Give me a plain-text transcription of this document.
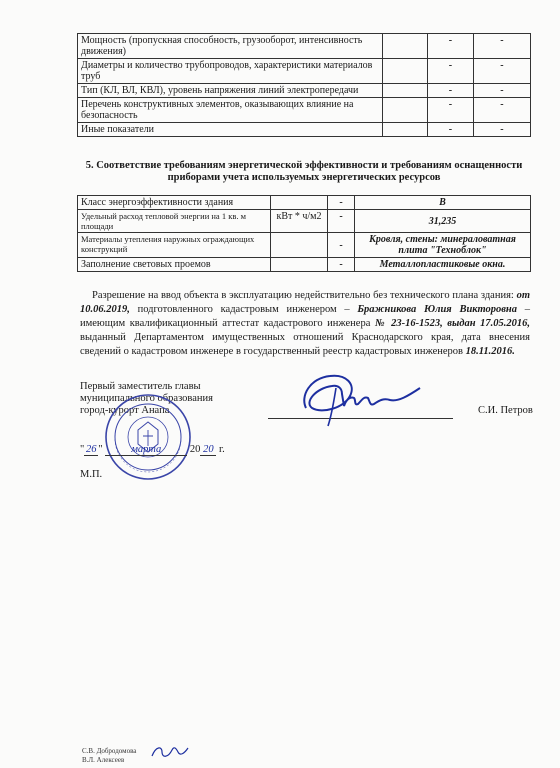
Мощность (пропускная способность, грузооборот, интенсивность движения)		-	-
Диаметры и количество трубопроводов, характеристики материалов труб		-	-
Тип (КЛ, ВЛ, КВЛ), уровень напряжения линий электропередачи		-	-
Перечень конструктивных элементов, оказывающих влияние на безопасность		-	-
Иные показатели		-	-
5. Соответствие требованиям энергетической эффективности и требованиям оснащенности приборами учета используемых энергетических ресурсов
Класс энергоэффективности здания		-	B
Удельный расход тепловой энергии на 1 кв. м площади	кВт * ч/м2	-	31,235
Материалы утепления наружных ограждающих конструкций		-	Кровля, стены: минераловатная плита "Технoблок"
Заполнение световых проемов		-	Металлопластиковые окна.
Разрешение на ввод объекта в эксплуатацию недействительно без технического плана здания: от 10.06.2019, подготовленного кадастровым инженером – Бражникова Юлия Викторовна – имеющим квалификационный аттестат кадастрового инженера № 23-16-1523, выдан 17.05.2016, выданный Департаментом имущественных отношений Краснодарского края, дата внесения сведений о кадастровом инженере в государственный реестр кадастровых инженеров 18.11.2016.
Первый заместитель главы
муниципального образования
город-курорт Анапа	С.И. Петров
" 26 "	марта	20 20 г.
М.П.
С.В. Добродомова
В.Л. Алексеев
